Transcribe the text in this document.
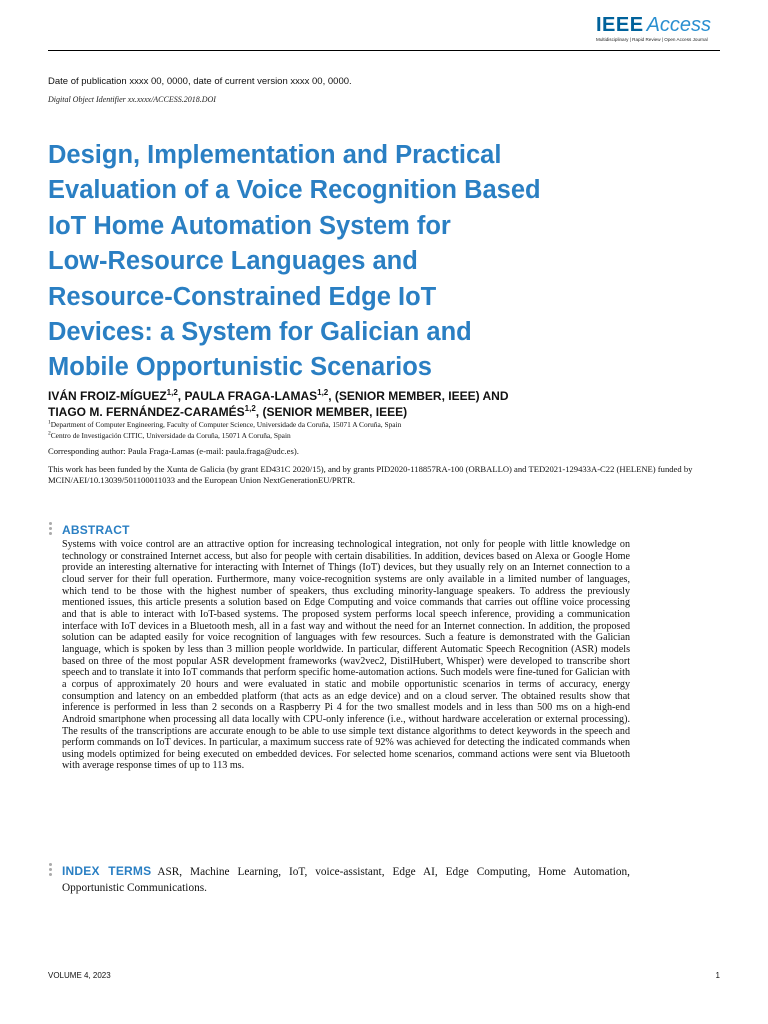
IEEE Access
Multidisciplinary | Rapid Review | Open Access Journal
Date of publication xxxx 00, 0000, date of current version xxxx 00, 0000.
Digital Object Identifier xx.xxxx/ACCESS.2018.DOI
Design, Implementation and Practical
Evaluation of a Voice Recognition Based
IoT Home Automation System for
Low-Resource Languages and
Resource-Constrained Edge IoT
Devices: a System for Galician and
Mobile Opportunistic Scenarios
IVÁN FROIZ-MÍGUEZ$^{1,2}$, PAULA FRAGA-LAMAS$^{1,2}$, (SENIOR MEMBER, IEEE) AND
TIAGO M. FERNÁNDEZ-CARAMÉS$^{1,2}$, (SENIOR MEMBER, IEEE)
$^1$Department of Computer Engineering, Faculty of Computer Science, Universidade da Coruña, 15071 A Coruña, Spain
$^2$Centro de Investigación CITIC, Universidade da Coruña, 15071 A Coruña, Spain
Corresponding author: Paula Fraga-Lamas (e-mail: paula.fraga@udc.es).
This work has been funded by the Xunta de Galicia (by grant ED431C 2020/15), and by grants PID2020-118857RA-100 (ORBALLO) and TED2021-129433A-C22 (HELENE) funded by MCIN/AEI/10.13039/501100011033 and the European Union NextGenerationEU/PRTR.
ABSTRACT
Systems with voice control are an attractive option for increasing technological integration, not only for people with little knowledge on technology or constrained Internet access, but also for people with certain disabilities. In addition, devices based on Alexa or Google Home provide an interesting alternative for interacting with Internet of Things (IoT) devices, but they usually rely on an Internet connection to a cloud server for their full operation. Furthermore, many voice-recognition systems are only available in a limited number of languages, which tend to be those with the highest number of speakers, thus excluding minority-language speakers. To address the previously mentioned issues, this article presents a solution based on Edge Computing and voice commands that carries out offline voice processing and that is able to interact with IoT-based systems. The proposed system performs local speech inference, providing a communication interface with IoT devices in a Bluetooth mesh, all in a fast way and without the need for an Internet connection. In addition, the proposed solution can be adapted easily for voice recognition of languages with few resources. Such a feature is demonstrated with the Galician language, which is spoken by less than 3 million people worldwide. In particular, different Automatic Speech Recognition (ASR) models based on three of the most popular ASR development frameworks (wav2vec2, DistilHubert, Whisper) were developed to transcribe short speech and to translate it into IoT commands that perform specific home-automation actions. Such models were fine-tuned for Galician with a corpus of approximately 20 hours and were evaluated in static and mobile opportunistic scenarios in terms of accuracy, energy consumption and latency on an embedded platform (that acts as an edge device) and on a cloud server. The obtained results show that inference is performed in less than 2 seconds on a Raspberry Pi 4 for the two smallest models and in less than 500 ms on a high-end Android smartphone when processing all data locally with CPU-only inference (i.e., without hardware acceleration or external processing). The results of the transcriptions are accurate enough to be able to use simple text distance algorithms to detect keywords in the speech and perform commands on IoT devices. In particular, a maximum success rate of 92% was achieved for detecting the indicated commands when using models optimized for being executed on embedded devices. For selected home scenarios, command actions were sent via Bluetooth with average response times of up to 113 ms.
INDEX TERMS ASR, Machine Learning, IoT, voice-assistant, Edge AI, Edge Computing, Home Automation, Opportunistic Communications.
VOLUME 4, 2023	1
